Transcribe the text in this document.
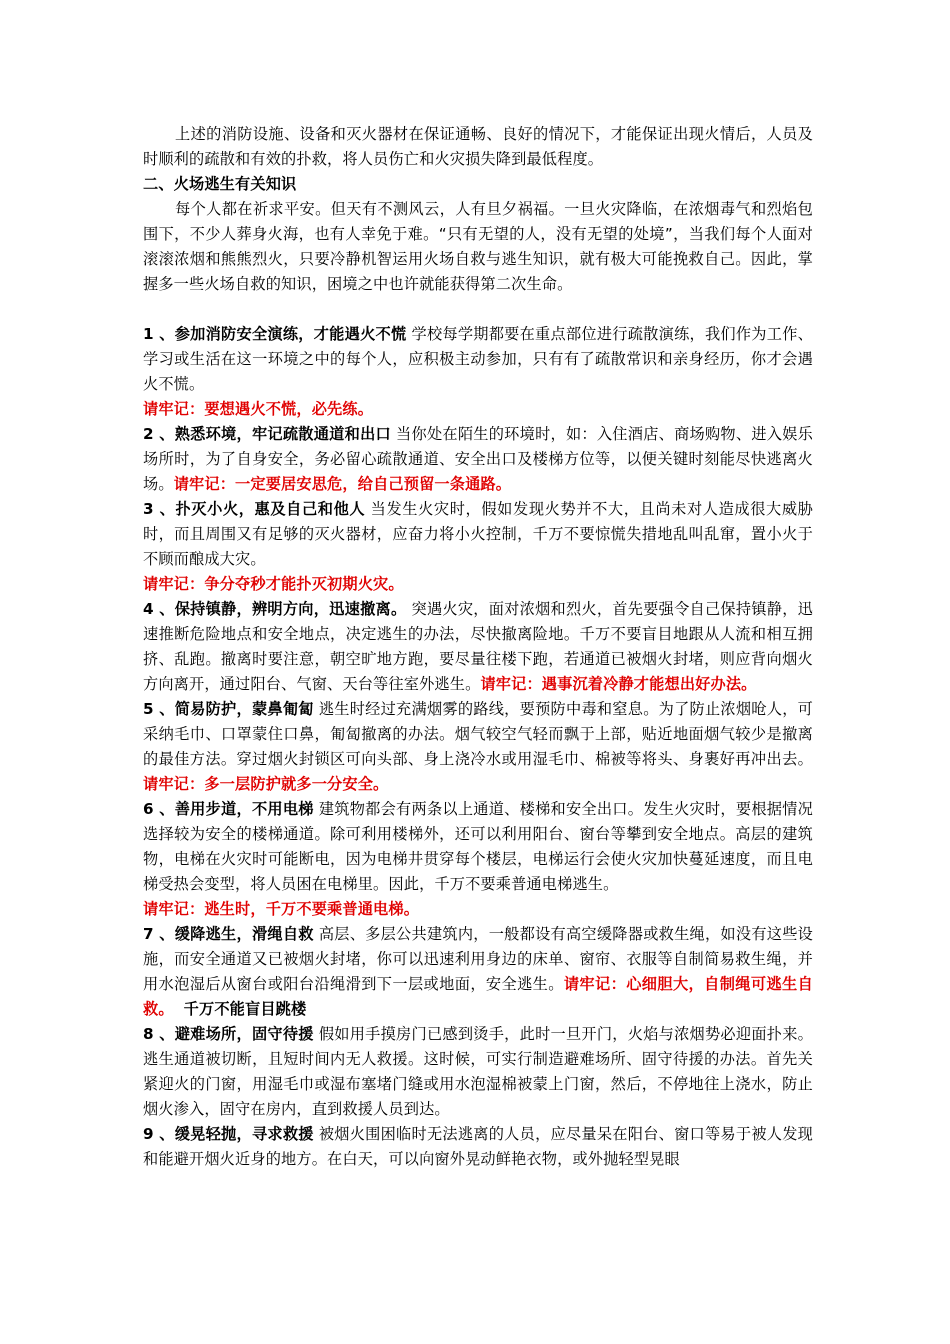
上述的消防设施、设备和灭火器材在保证通畅、良好的情况下，才能保证出现火情后，人员及时顺利的疏散和有效的扑救，将人员伤亡和火灾损失降到最低程度。

二、火场逃生有关知识

每个人都在祈求平安。但天有不测风云，人有旦夕祸福。一旦火灾降临，在浓烟毒气和烈焰包围下，不少人葬身火海，也有人幸免于难。“只有无望的人，没有无望的处境”，当我们每个人面对滚滚浓烟和熊熊烈火，只要冷静机智运用火场自救与逃生知识，就有极大可能挽救自己。因此，掌握多一些火场自救的知识，困境之中也许就能获得第二次生命。

1 、参加消防安全演练，才能遇火不慌 学校每学期都要在重点部位进行疏散演练，我们作为工作、学习或生活在这一环境之中的每个人，应积极主动参加，只有有了疏散常识和亲身经历，你才会遇火不慌。

请牢记：要想遇火不慌，必先练。

2 、熟悉环境，牢记疏散通道和出口 当你处在陌生的环境时，如：入住酒店、商场购物、进入娱乐场所时，为了自身安全，务必留心疏散通道、安全出口及楼梯方位等，以便关键时刻能尽快逃离火场。请牢记：一定要居安思危，给自己预留一条通路。

3 、扑灭小火，惠及自己和他人 当发生火灾时，假如发现火势并不大，且尚未对人造成很大威胁时，而且周围又有足够的灭火器材，应奋力将小火控制，千万不要惊慌失措地乱叫乱窜，置小火于不顾而酿成大灾。

请牢记：争分夺秒才能扑灭初期火灾。

4 、保持镇静，辨明方向，迅速撤离。 突遇火灾，面对浓烟和烈火，首先要强令自己保持镇静，迅速推断危险地点和安全地点，决定逃生的办法，尽快撤离险地。千万不要盲目地跟从人流和相互拥挤、乱跑。撤离时要注意，朝空旷地方跑，要尽量往楼下跑，若通道已被烟火封堵，则应背向烟火方向离开，通过阳台、气窗、天台等往室外逃生。请牢记：遇事沉着冷静才能想出好办法。

5 、简易防护，蒙鼻匍匐 逃生时经过充满烟雾的路线，要预防中毒和窒息。为了防止浓烟呛人，可采纳毛巾、口罩蒙住口鼻，匍匐撤离的办法。烟气较空气轻而飘于上部，贴近地面烟气较少是撤离的最佳方法。穿过烟火封锁区可向头部、身上浇冷水或用湿毛巾、棉被等将头、身裹好再冲出去。请牢记：多一层防护就多一分安全。

6 、善用步道，不用电梯 建筑物都会有两条以上通道、楼梯和安全出口。发生火灾时，要根据情况选择较为安全的楼梯通道。除可利用楼梯外，还可以利用阳台、窗台等攀到安全地点。高层的建筑物，电梯在火灾时可能断电，因为电梯井贯穿每个楼层，电梯运行会使火灾加快蔓延速度，而且电梯受热会变型，将人员困在电梯里。因此，千万不要乘普通电梯逃生。

请牢记：逃生时，千万不要乘普通电梯。

7 、缓降逃生，滑绳自救 高层、多层公共建筑内，一般都设有高空缓降器或救生绳，如没有这些设施，而安全通道又已被烟火封堵，你可以迅速利用身边的床单、窗帘、衣服等自制简易救生绳，并用水泡湿后从窗台或阳台沿绳滑到下一层或地面，安全逃生。请牢记：心细胆大，自制绳可逃生自救。 千万不能盲目跳楼

8 、避难场所，固守待援 假如用手摸房门已感到烫手，此时一旦开门，火焰与浓烟势必迎面扑来。逃生通道被切断，且短时间内无人救援。这时候，可实行制造避难场所、固守待援的办法。首先关紧迎火的门窗，用湿毛巾或湿布塞堵门缝或用水泡湿棉被蒙上门窗，然后，不停地往上浇水，防止烟火渗入，固守在房内，直到救援人员到达。

9 、缓晃轻抛，寻求救援 被烟火围困临时无法逃离的人员，应尽量呆在阳台、窗口等易于被人发现和能避开烟火近身的地方。在白天，可以向窗外晃动鲜艳衣物，或外抛轻型晃眼
